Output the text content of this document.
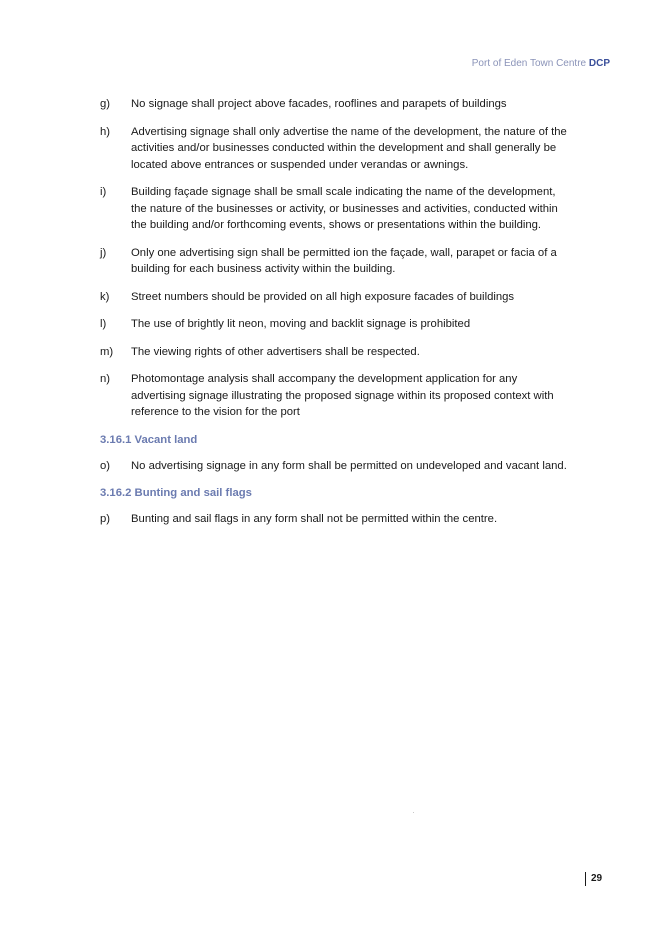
Port of Eden Town Centre DCP
g) No signage shall project above facades, rooflines and parapets of buildings
h) Advertising signage shall only advertise the name of the development, the nature of the activities and/or businesses conducted within the development and shall generally be located above entrances or suspended under verandas or awnings.
i) Building façade signage shall be small scale indicating the name of the development, the nature of the businesses or activity, or businesses and activities, conducted within the building and/or forthcoming events, shows or presentations within the building.
j) Only one advertising sign shall be permitted ion the façade, wall, parapet or facia of a building for each business activity within the building.
k) Street numbers should be provided on all high exposure facades of buildings
l) The use of brightly lit neon, moving and backlit signage is prohibited
m) The viewing rights of other advertisers shall be respected.
n) Photomontage analysis shall accompany the development application for any advertising signage illustrating the proposed signage within its proposed context with reference to the vision for the port
3.16.1 Vacant land
o) No advertising signage in any form shall be permitted on undeveloped and vacant land.
3.16.2 Bunting and sail flags
p) Bunting and sail flags in any form shall not be permitted within the centre.
29
